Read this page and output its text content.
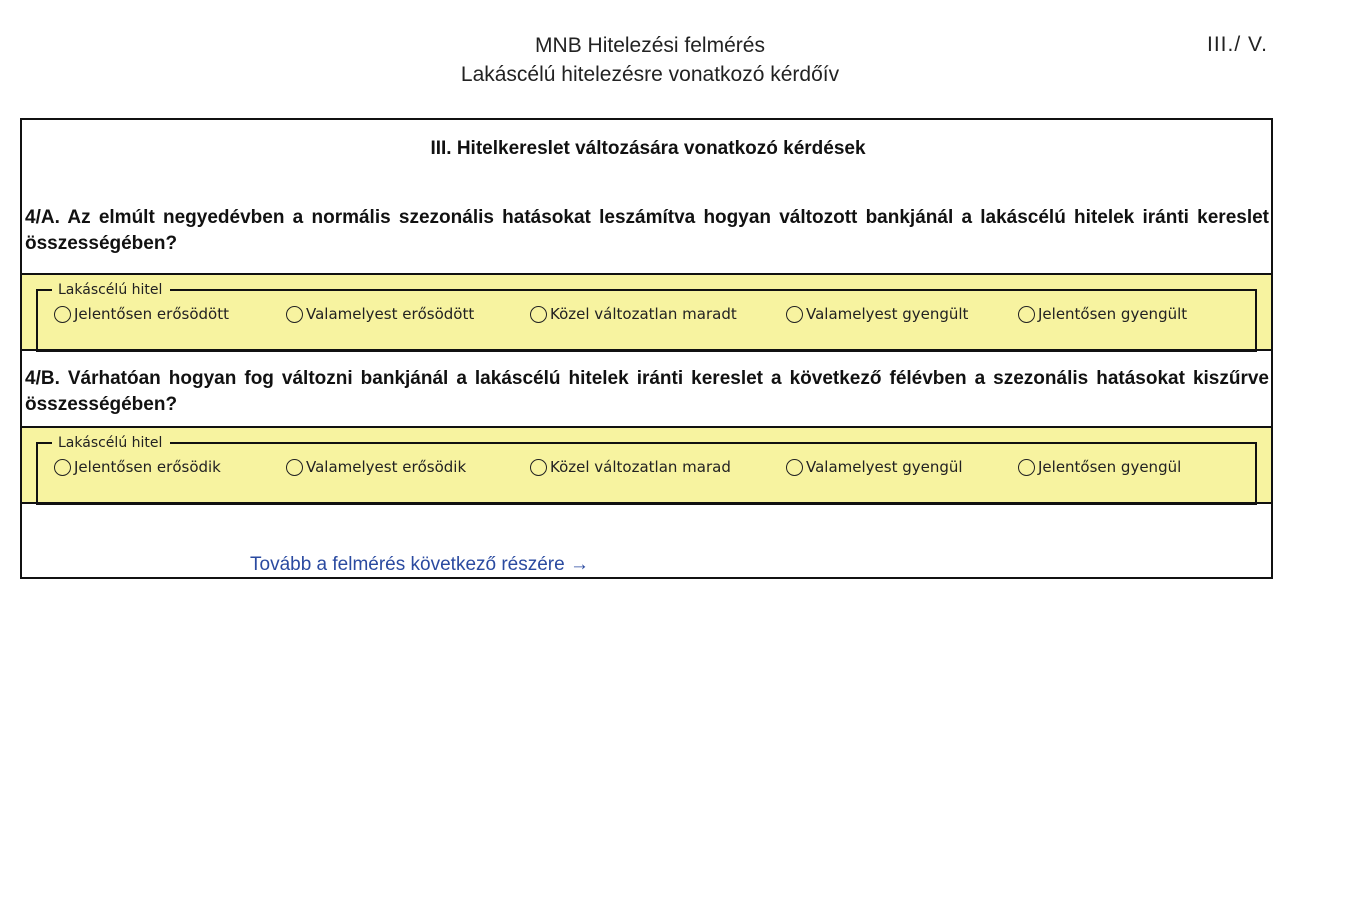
MNB Hitelezési felmérés
Lakáscélú hitelezésre vonatkozó kérdőív
III./ V.
III. Hitelkereslet változására vonatkozó kérdések
4/A. Az elmúlt negyedévben a normális szezonális hatásokat leszámítva hogyan változott bankjánál a lakáscélú hitelek iránti kereslet összességében?
Lakáscélú hitel
Jelentősen erősödött	Valamelyest erősödött	Közel változatlan maradt	Valamelyest gyengült	Jelentősen gyengült
4/B. Várhatóan hogyan fog változni bankjánál a lakáscélú hitelek iránti kereslet a következő félévben a szezonális hatásokat kiszűrve összességében?
Lakáscélú hitel
Jelentősen erősödik	Valamelyest erősödik	Közel változatlan marad	Valamelyest gyengül	Jelentősen gyengül
Tovább a felmérés következő részére →
